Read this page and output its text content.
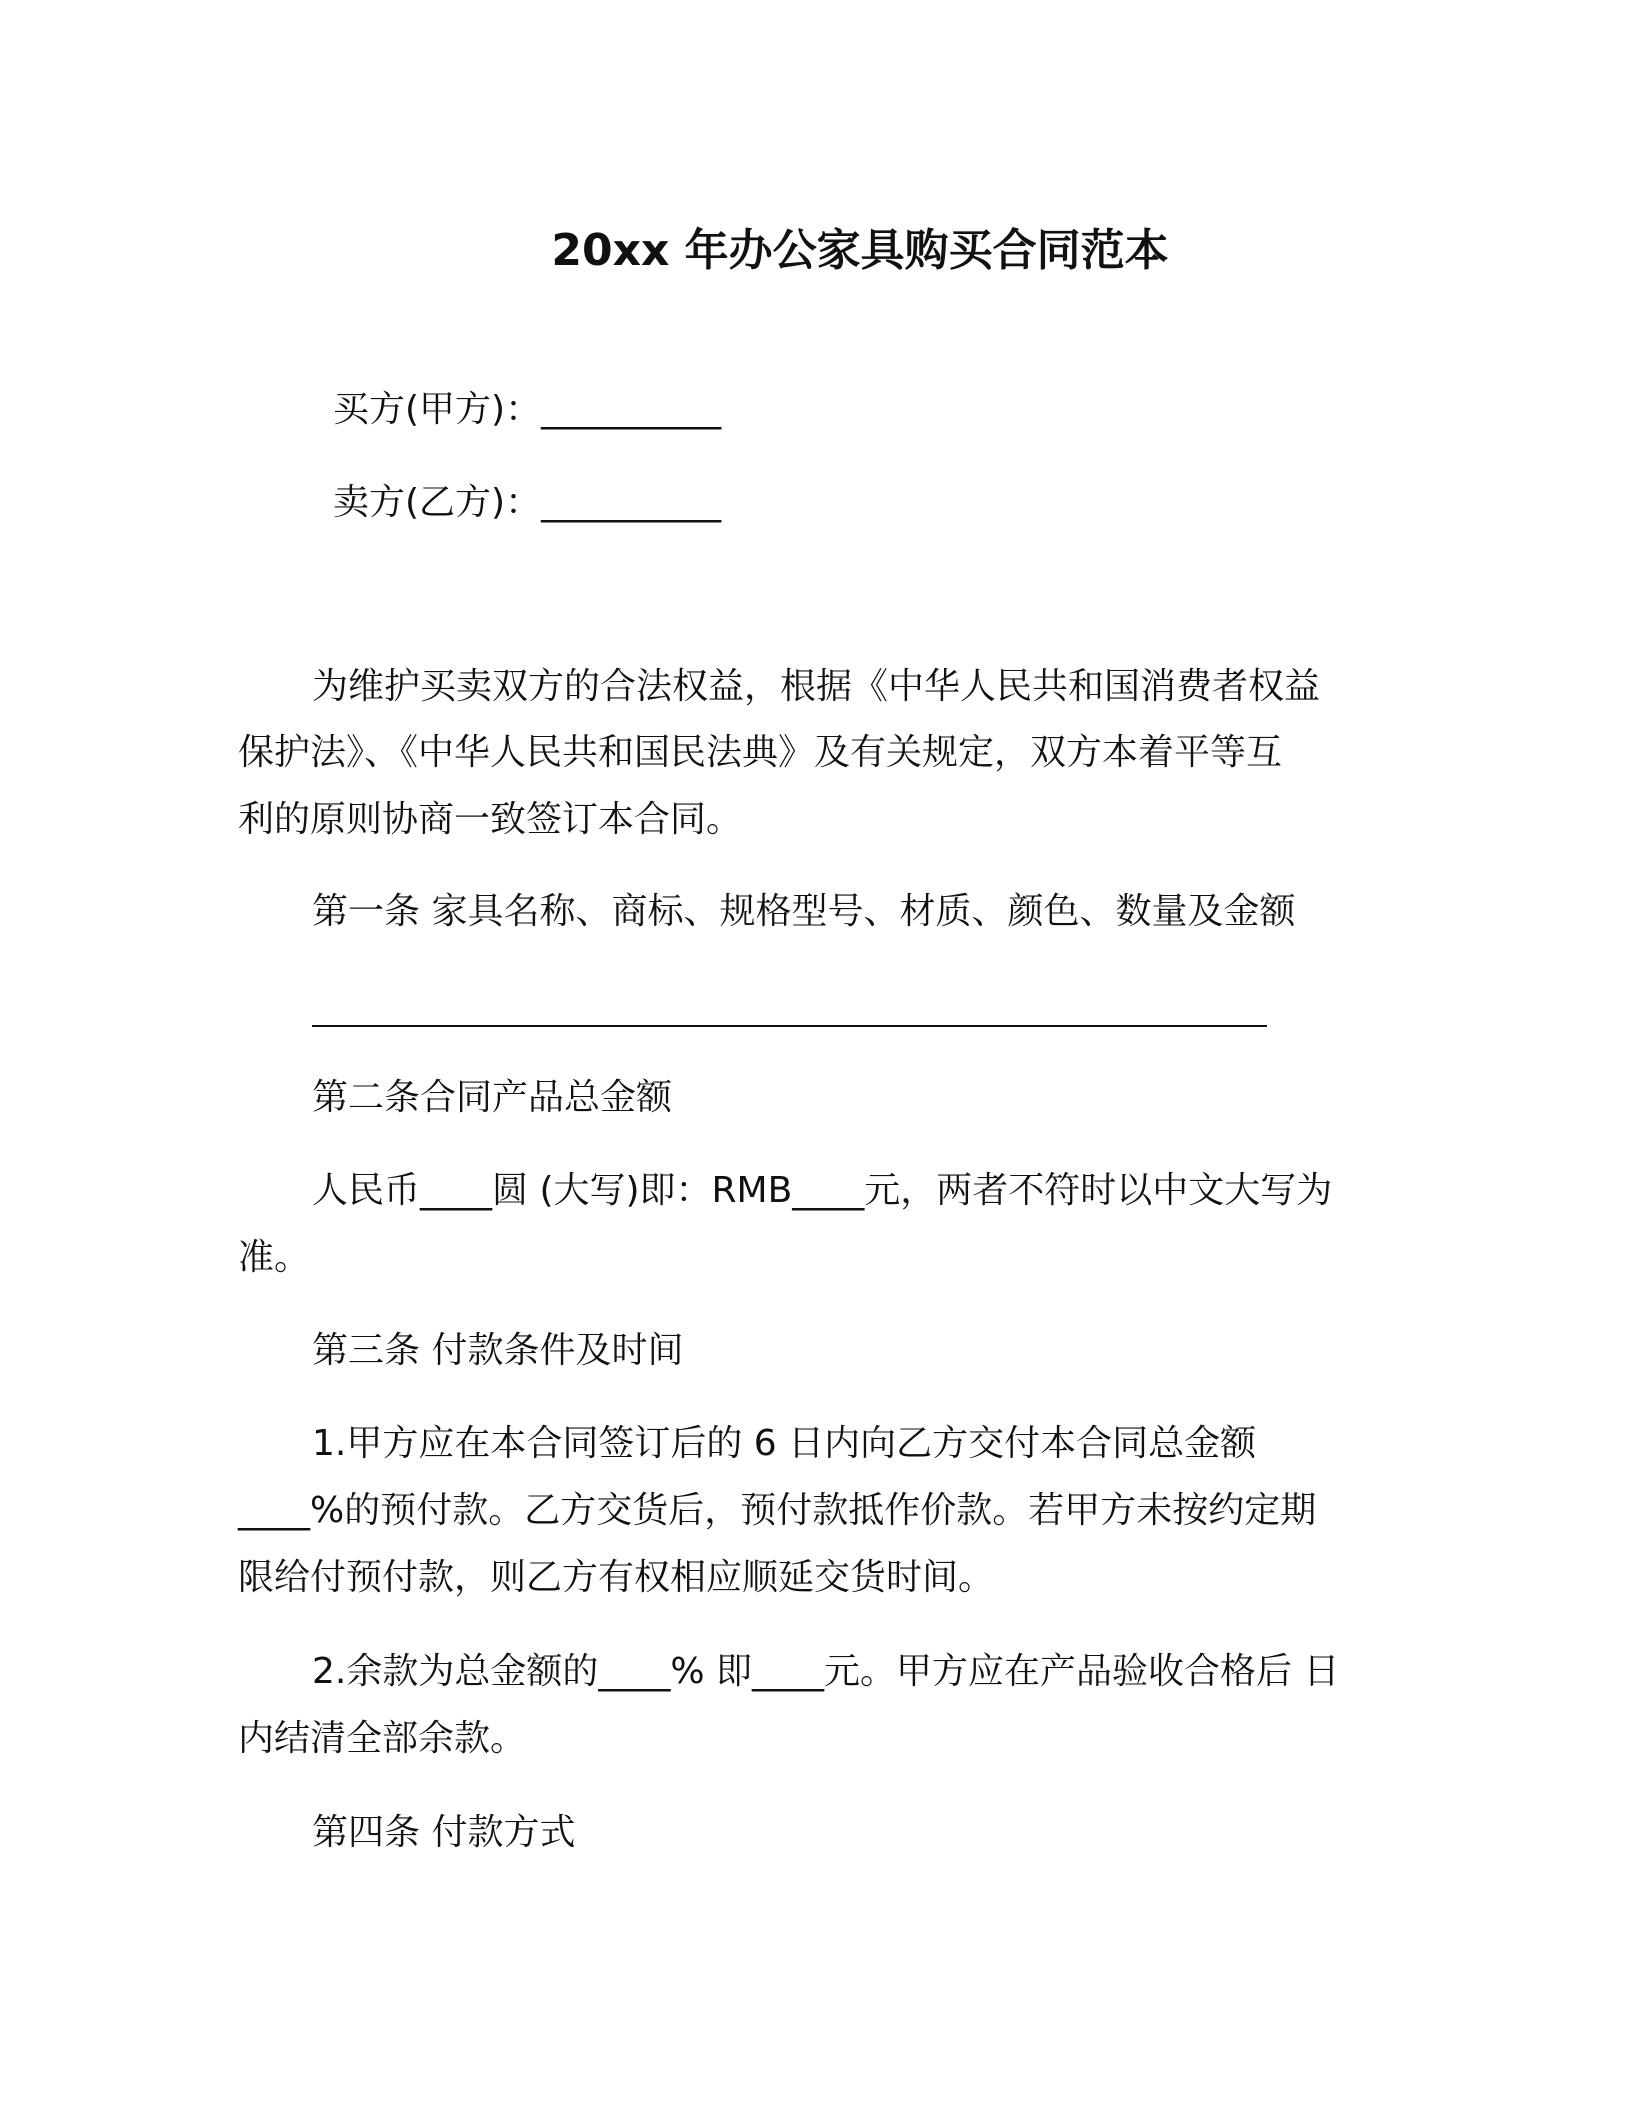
20xx 年办公家具购买合同范本
买方(甲方)：__________
卖方(乙方)：__________
为维护买卖双方的合法权益，根据《中华人民共和国消费者权益
保护法》、《中华人民共和国民法典》及有关规定，双方本着平等互
利的原则协商一致签订本合同。
第一条 家具名称、商标、规格型号、材质、颜色、数量及金额
第二条合同产品总金额
人民币____圆 (大写)即：RMB____元，两者不符时以中文大写为
准。
第三条 付款条件及时间
1.甲方应在本合同签订后的 6 日内向乙方交付本合同总金额
____%的预付款。乙方交货后，预付款抵作价款。若甲方未按约定期
限给付预付款，则乙方有权相应顺延交货时间。
2.余款为总金额的____% 即____元。甲方应在产品验收合格后 日
内结清全部余款。
第四条 付款方式
